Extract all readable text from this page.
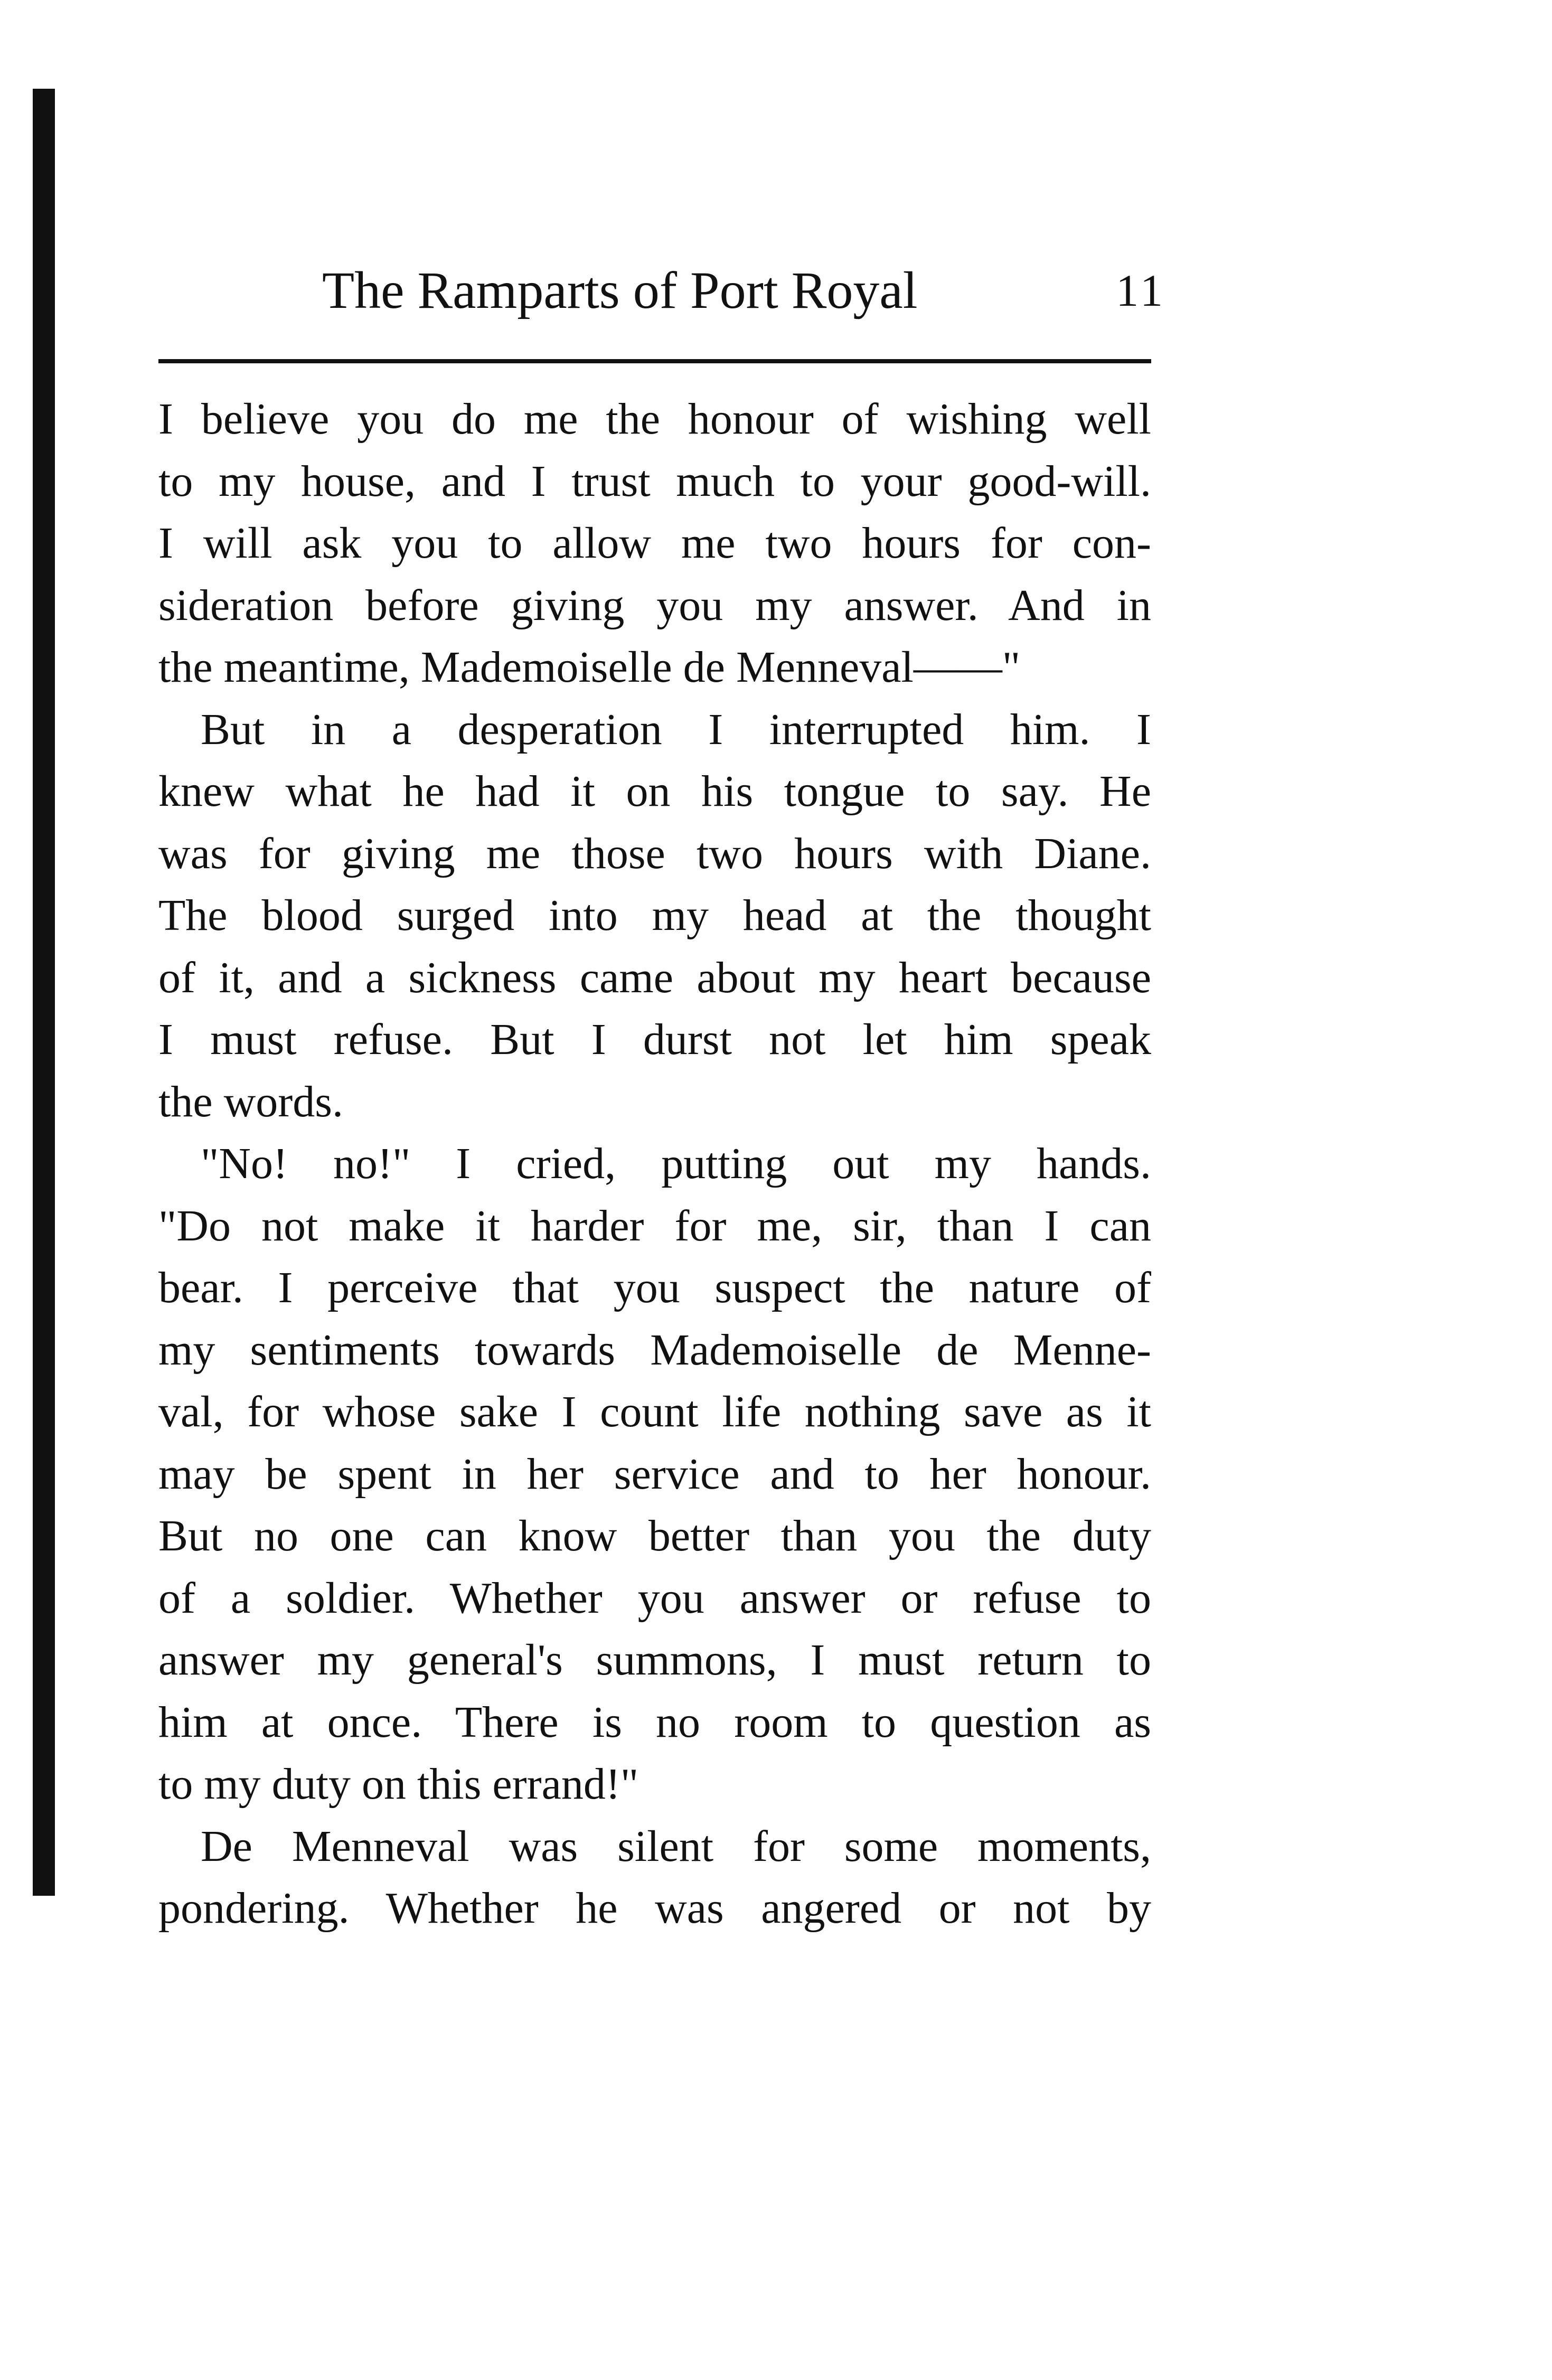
The Ramparts of Port Royal	11
I believe you do me the honour of wishing well
to my house, and I trust much to your good-will.
I will ask you to allow me two hours for con-
sideration before giving you my answer. And in
the meantime, Mademoiselle de Menneval——"
But in a desperation I interrupted him. I
knew what he had it on his tongue to say. He
was for giving me those two hours with Diane.
The blood surged into my head at the thought
of it, and a sickness came about my heart because
I must refuse. But I durst not let him speak
the words.
"No! no!" I cried, putting out my hands.
"Do not make it harder for me, sir, than I can
bear. I perceive that you suspect the nature of
my sentiments towards Mademoiselle de Menne-
val, for whose sake I count life nothing save as it
may be spent in her service and to her honour.
But no one can know better than you the duty
of a soldier. Whether you answer or refuse to
answer my general's summons, I must return to
him at once. There is no room to question as
to my duty on this errand!"
De Menneval was silent for some moments,
pondering. Whether he was angered or not by
